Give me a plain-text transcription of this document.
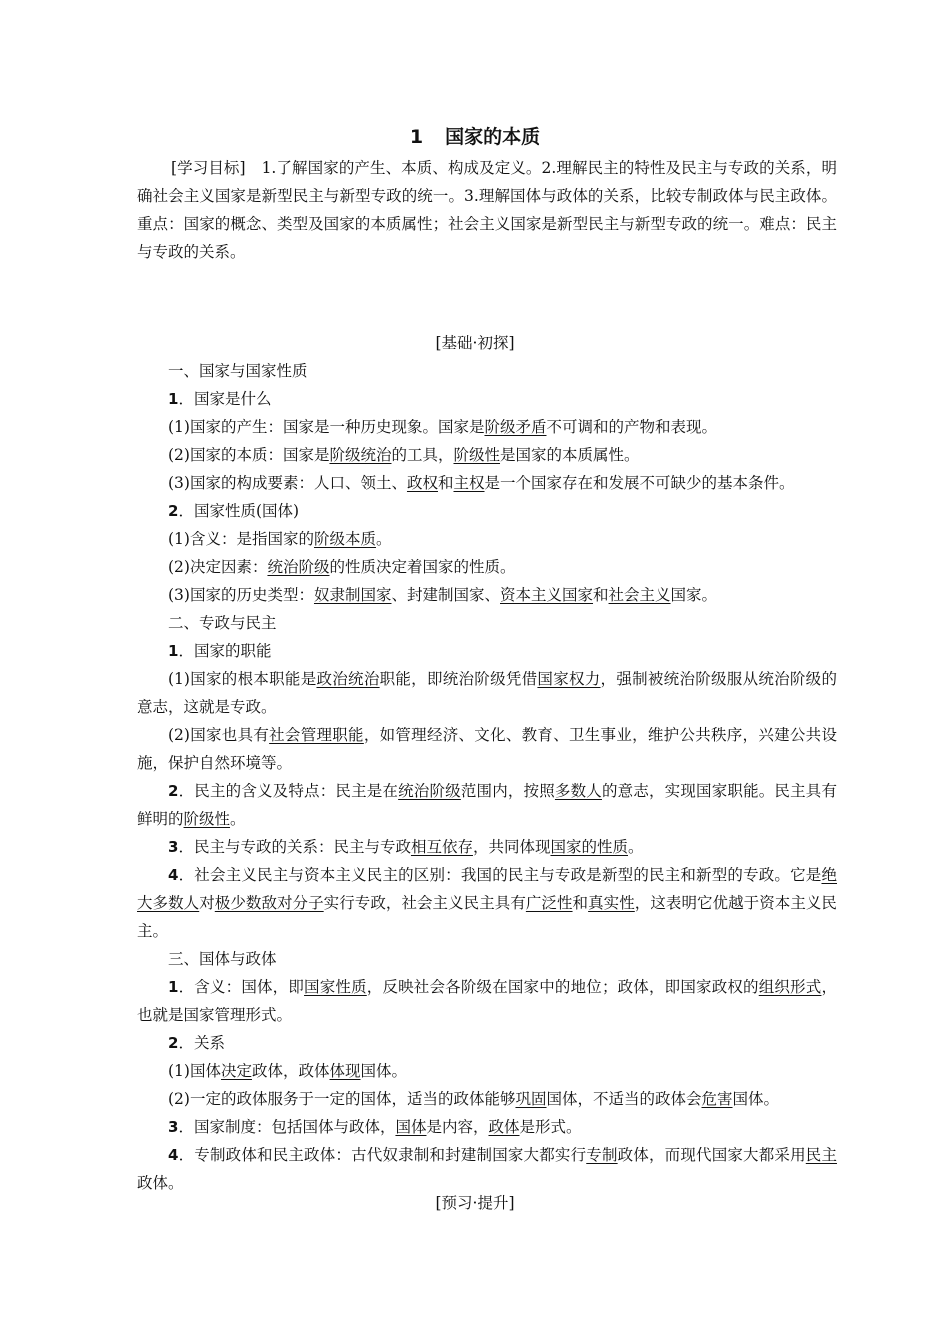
1 国家的本质
[学习目标] 1.了解国家的产生、本质、构成及定义。2.理解民主的特性及民主与专政的关系，明确社会主义国家是新型民主与新型专政的统一。3.理解国体与政体的关系，比较专制政体与民主政体。重点：国家的概念、类型及国家的本质属性；社会主义国家是新型民主与新型专政的统一。难点：民主与专政的关系。
[基础·初探]
一、国家与国家性质
1．国家是什么
(1)国家的产生：国家是一种历史现象。国家是阶级矛盾不可调和的产物和表现。
(2)国家的本质：国家是阶级统治的工具，阶级性是国家的本质属性。
(3)国家的构成要素：人口、领土、政权和主权是一个国家存在和发展不可缺少的基本条件。
2．国家性质(国体)
(1)含义：是指国家的阶级本质。
(2)决定因素：统治阶级的性质决定着国家的性质。
(3)国家的历史类型：奴隶制国家、封建制国家、资本主义国家和社会主义国家。
二、专政与民主
1．国家的职能
(1)国家的根本职能是政治统治职能，即统治阶级凭借国家权力，强制被统治阶级服从统治阶级的意志，这就是专政。
(2)国家也具有社会管理职能，如管理经济、文化、教育、卫生事业，维护公共秩序，兴建公共设施，保护自然环境等。
2．民主的含义及特点：民主是在统治阶级范围内，按照多数人的意志，实现国家职能。民主具有鲜明的阶级性。
3．民主与专政的关系：民主与专政相互依存，共同体现国家的性质。
4．社会主义民主与资本主义民主的区别：我国的民主与专政是新型的民主和新型的专政。它是绝大多数人对极少数敌对分子实行专政，社会主义民主具有广泛性和真实性，这表明它优越于资本主义民主。
三、国体与政体
1．含义：国体，即国家性质，反映社会各阶级在国家中的地位；政体，即国家政权的组织形式，也就是国家管理形式。
2．关系
(1)国体决定政体，政体体现国体。
(2)一定的政体服务于一定的国体，适当的政体能够巩固国体，不适当的政体会危害国体。
3．国家制度：包括国体与政体，国体是内容，政体是形式。
4．专制政体和民主政体：古代奴隶制和封建制国家大都实行专制政体，而现代国家大都采用民主政体。
[预习·提升]
